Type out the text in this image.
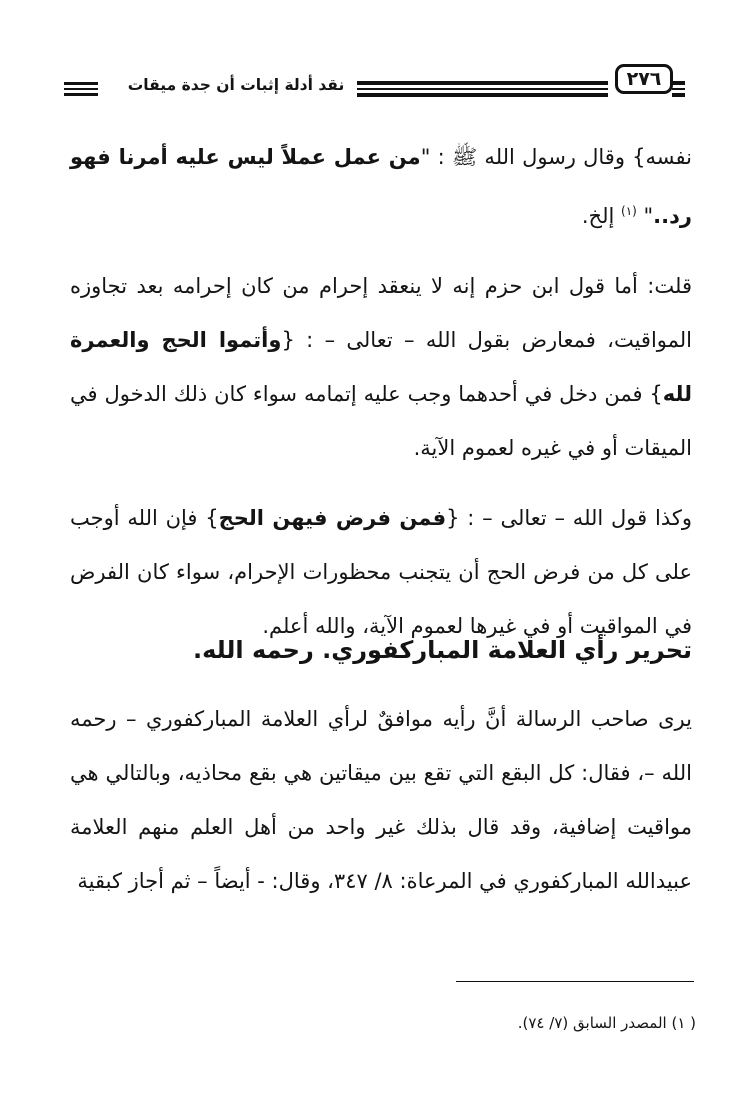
٢٧٦
نقد أدلة إثبات أن جدة ميقات

نفسه} وقال رسول الله ﷺ : "من عمل عملاً ليس عليه أمرنا فهو رد.." $^{(١)}$ إلخ.

قلت: أما قول ابن حزم إنه لا ينعقد إحرام من كان إحرامه بعد تجاوزه المواقيت، فمعارض بقول الله – تعالى – : {وأتموا الحج والعمرة لله} فمن دخل في أحدهما وجب عليه إتمامه سواء كان ذلك الدخول في الميقات أو في غيره لعموم الآية.

وكذا قول الله – تعالى – : {فمن فرض فيهن الحج} فإن الله أوجب على كل من فرض الحج أن يتجنب محظورات الإحرام، سواء كان الفرض في المواقيت أو في غيرها لعموم الآية، والله أعلم.

تحرير رأي العلامة المباركفوري. رحمه الله.

يرى صاحب الرسالة أنَّ رأيه موافقٌ لرأي العلامة المباركفوري – رحمه الله –، فقال: كل البقع التي تقع بين ميقاتين هي بقع محاذيه، وبالتالي هي مواقيت إضافية، وقد قال بذلك غير واحد من أهل العلم منهم العلامة عبيدالله المباركفوري في المرعاة: ٨/ ٣٤٧، وقال: - أيضاً – ثم أجاز كبقية

( ١) المصدر السابق (٧/ ٧٤).
